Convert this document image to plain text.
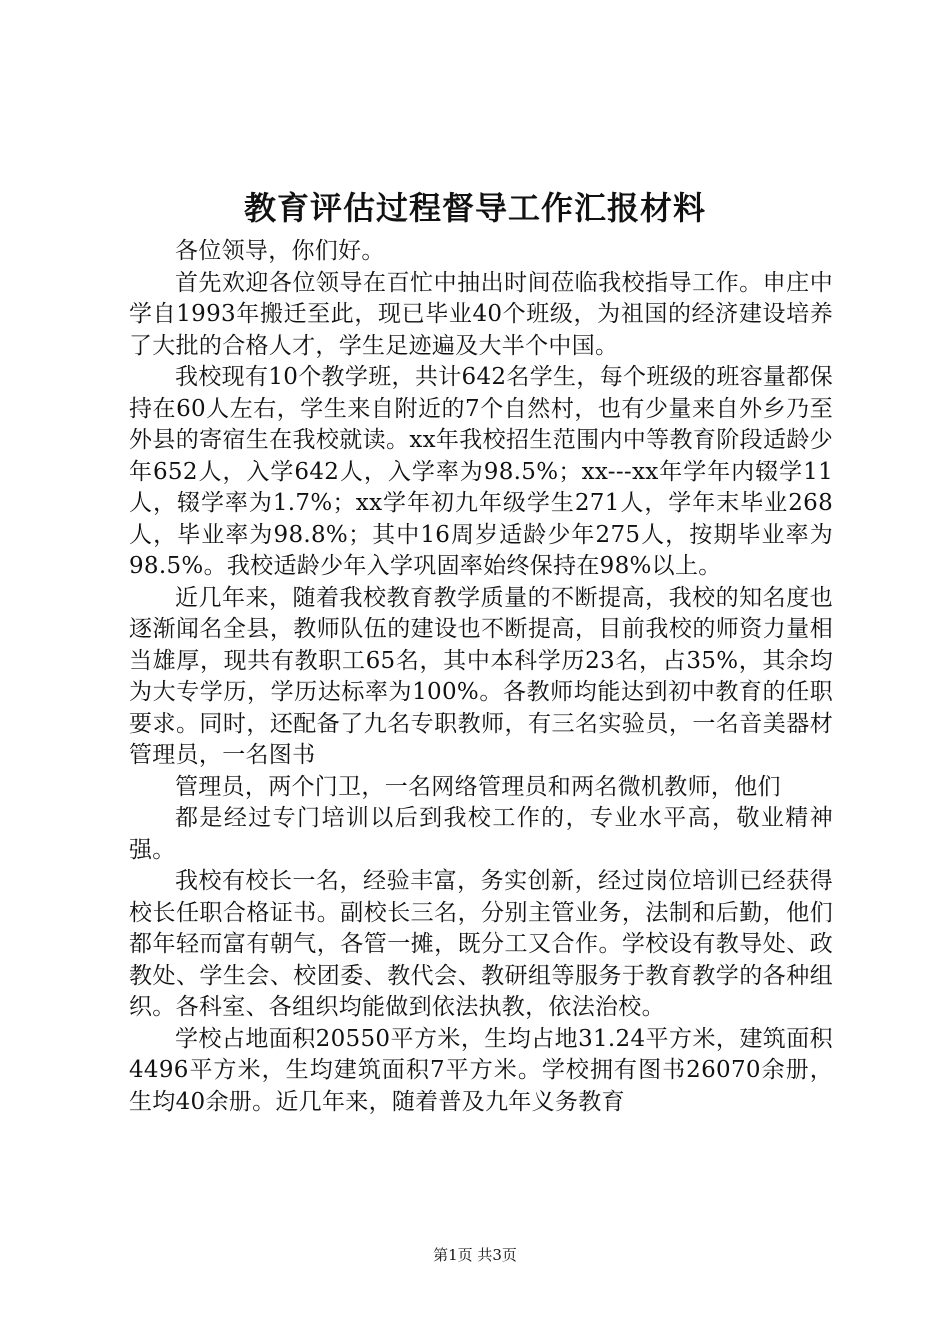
教育评估过程督导工作汇报材料

各位领导，你们好。

首先欢迎各位领导在百忙中抽出时间莅临我校指导工作。申庄中学自1993年搬迁至此，现已毕业40个班级，为祖国的经济建设培养了大批的合格人才，学生足迹遍及大半个中国。

我校现有10个教学班，共计642名学生，每个班级的班容量都保持在60人左右，学生来自附近的7个自然村，也有少量来自外乡乃至外县的寄宿生在我校就读。xx年我校招生范围内中等教育阶段适龄少年652人，入学642人，入学率为98.5%；xx---xx年学年内辍学11人，辍学率为1.7%；xx学年初九年级学生271人，学年末毕业268人，毕业率为98.8%；其中16周岁适龄少年275人，按期毕业率为98.5%。我校适龄少年入学巩固率始终保持在98%以上。

近几年来，随着我校教育教学质量的不断提高，我校的知名度也逐渐闻名全县，教师队伍的建设也不断提高，目前我校的师资力量相当雄厚，现共有教职工65名，其中本科学历23名，占35%，其余均为大专学历，学历达标率为100%。各教师均能达到初中教育的任职要求。同时，还配备了九名专职教师，有三名实验员，一名音美器材管理员，一名图书

管理员，两个门卫，一名网络管理员和两名微机教师，他们

都是经过专门培训以后到我校工作的，专业水平高，敬业精神强。

我校有校长一名，经验丰富，务实创新，经过岗位培训已经获得校长任职合格证书。副校长三名，分别主管业务，法制和后勤，他们都年轻而富有朝气，各管一摊，既分工又合作。学校设有教导处、政教处、学生会、校团委、教代会、教研组等服务于教育教学的各种组织。各科室、各组织均能做到依法执教，依法治校。

学校占地面积20550平方米，生均占地31.24平方米，建筑面积4496平方米，生均建筑面积7平方米。学校拥有图书26070余册，生均40余册。近几年来，随着普及九年义务教育

第1页 共3页
